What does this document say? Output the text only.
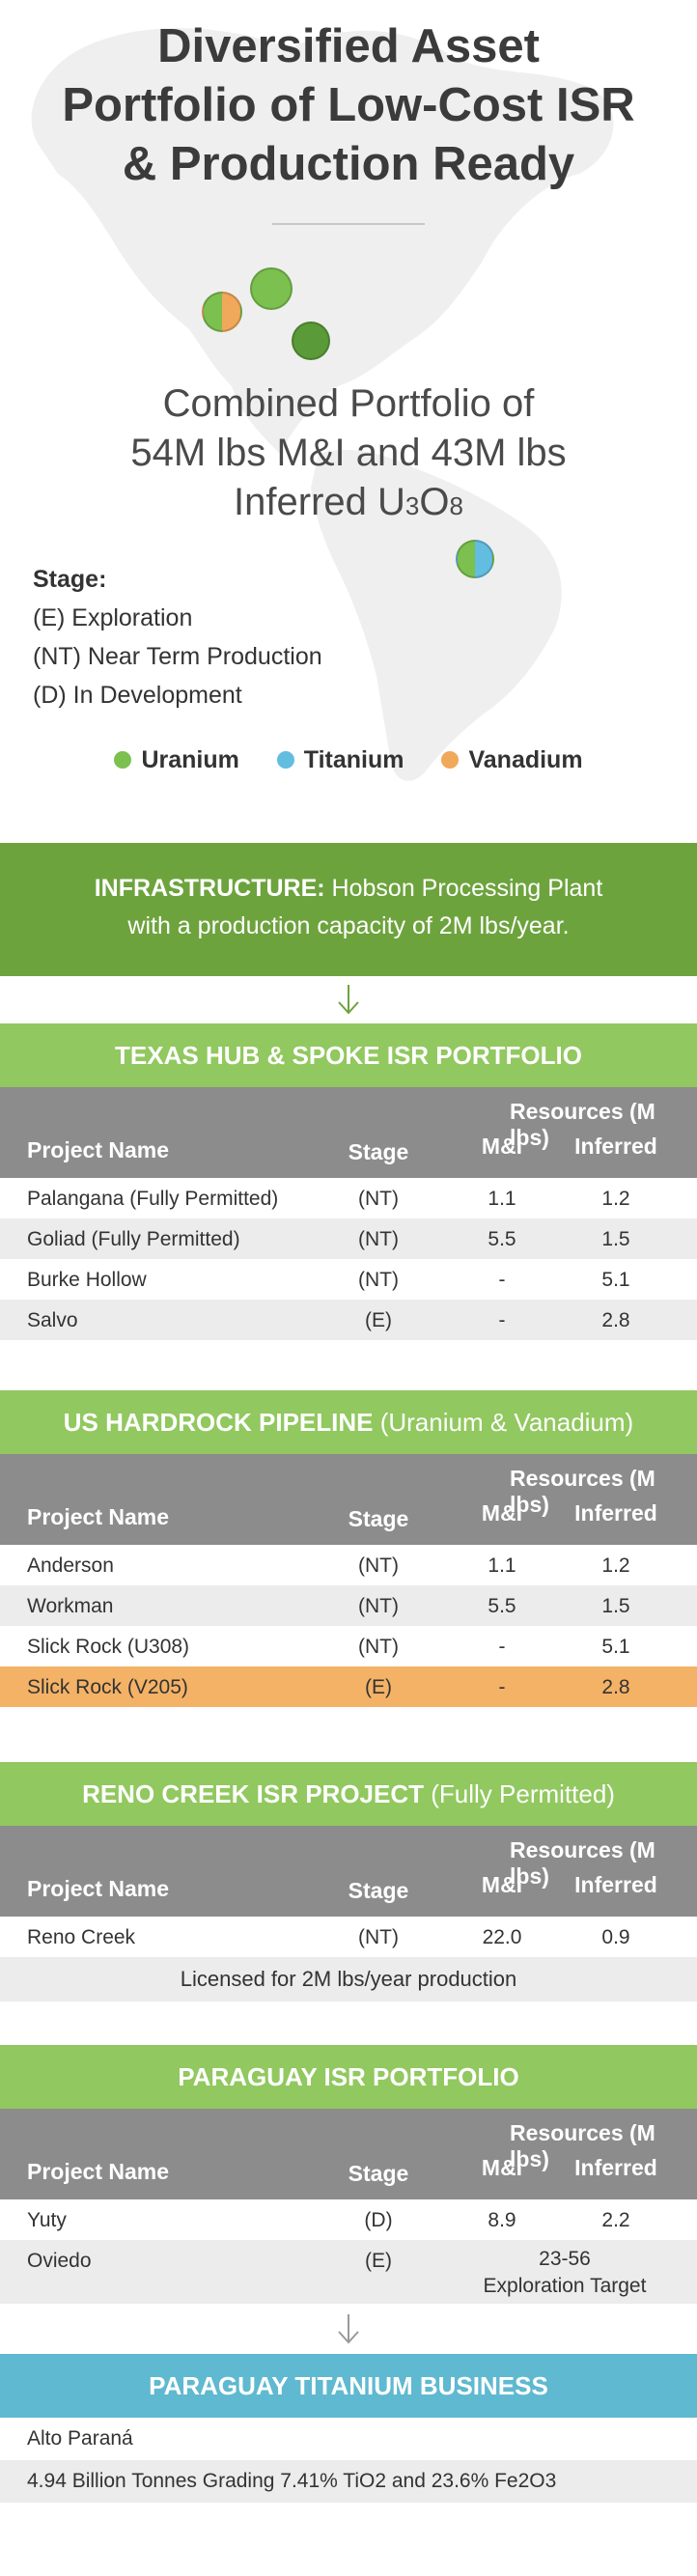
Diversified Asset
Portfolio of Low-Cost ISR
& Production Ready
Combined Portfolio of
54M lbs M&I and 43M lbs
Inferred U3O8
Stage:
(E) Exploration
(NT) Near Term Production
(D) In Development
Uranium	Titanium	Vanadium
INFRASTRUCTURE: Hobson Processing Plant
with a production capacity of 2M lbs/year.
TEXAS HUB & SPOKE ISR PORTFOLIO
Resources (M lbs)
Project Name	Stage	M&I	Inferred
Palangana (Fully Permitted)	(NT)	1.1	1.2
Goliad (Fully Permitted)	(NT)	5.5	1.5
Burke Hollow	(NT)	-	5.1
Salvo	(E)	-	2.8
US HARDROCK PIPELINE (Uranium & Vanadium)
Resources (M lbs)
Project Name	Stage	M&I	Inferred
Anderson	(NT)	1.1	1.2
Workman	(NT)	5.5	1.5
Slick Rock (U308)	(NT)	-	5.1
Slick Rock (V205)	(E)	-	2.8
RENO CREEK ISR PROJECT (Fully Permitted)
Resources (M lbs)
Project Name	Stage	M&I	Inferred
Reno Creek	(NT)	22.0	0.9
Licensed for 2M lbs/year production
PARAGUAY ISR PORTFOLIO
Resources (M lbs)
Project Name	Stage	M&I	Inferred
Yuty	(D)	8.9	2.2
Oviedo	(E)	23-56
Exploration Target
PARAGUAY TITANIUM BUSINESS
Alto Paraná
4.94 Billion Tonnes Grading 7.41% TiO2 and 23.6% Fe2O3
